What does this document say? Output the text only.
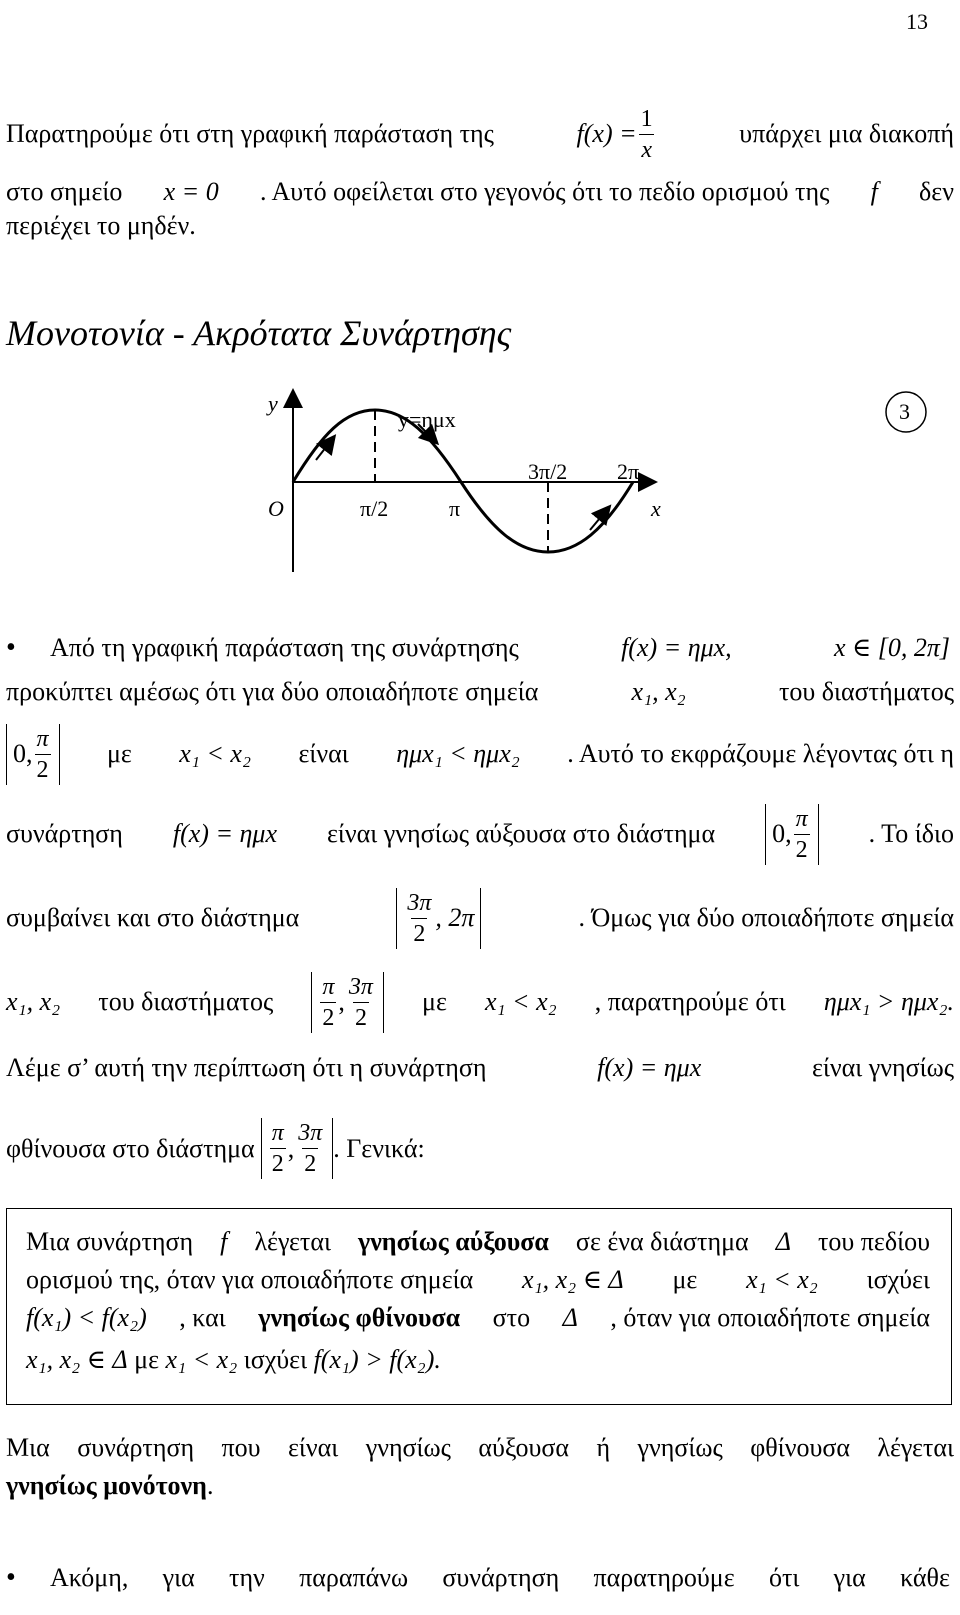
13
Παρατηρούμε ότι στη γραφική παράσταση της	$f(x) = \frac{1}{x}$	υπάρχει μια διακοπή
στο σημείο x = 0 . Αυτό οφείλεται στο γεγονός ότι το πεδίο ορισμού της f δεν
περιέχει το μηδέν.
Μονοτονία - Ακρότατα Συνάρτησης
y
y=ημx
3π/2 2π
O	π/2	π	x
3
• Από τη γραφική παράσταση της συνάρτησης	f(x) = ημx,	x ∈ [0, 2π]
προκύπτει αμέσως ότι για δύο οποιαδήποτε σημεία	x₁, x₂	του διαστήματος
0, $\frac{\pi}{2}$ με x₁ < x₂ είναι ημx₁ < ημx₂ . Αυτό το εκφράζουμε λέγοντας ότι η
συνάρτηση f(x) = ημx είναι γνησίως αύξουσα στο διάστημα 0, $\frac{\pi}{2}$ . Το ίδιο
συμβαίνει και στο διάστημα	$\frac{3\pi}{2}$ , 2π	. Όμως για δύο οποιαδήποτε σημεία
x₁, x₂ του διαστήματος $\frac{\pi}{2}$ , $\frac{3\pi}{2}$ με x₁ < x₂ , παρατηρούμε ότι ημx₁ > ημx₂.
Λέμε σ’ αυτή την περίπτωση ότι η συνάρτηση	f(x) = ημx	είναι γνησίως
φθίνουσα στο διάστημα $\frac{\pi}{2}$ , $\frac{3\pi}{2}$ . Γενικά:
Μια συνάρτηση f λέγεται γνησίως αύξουσα σε ένα διάστημα Δ του πεδίου
ορισμού της, όταν για οποιαδήποτε σημεία x₁, x₂ ∈ Δ με x₁ < x₂ ισχύει
f(x₁) < f(x₂) , και γνησίως φθίνουσα στο Δ , όταν για οποιαδήποτε σημεία
x₁, x₂ ∈ Δ με x₁ < x₂ ισχύει f(x₁) > f(x₂).
Μια συνάρτηση που είναι γνησίως αύξουσα ή γνησίως φθίνουσα λέγεται
γνησίως μονότονη.
• Ακόμη, για την παραπάνω συνάρτηση παρατηρούμε ότι για κάθε
